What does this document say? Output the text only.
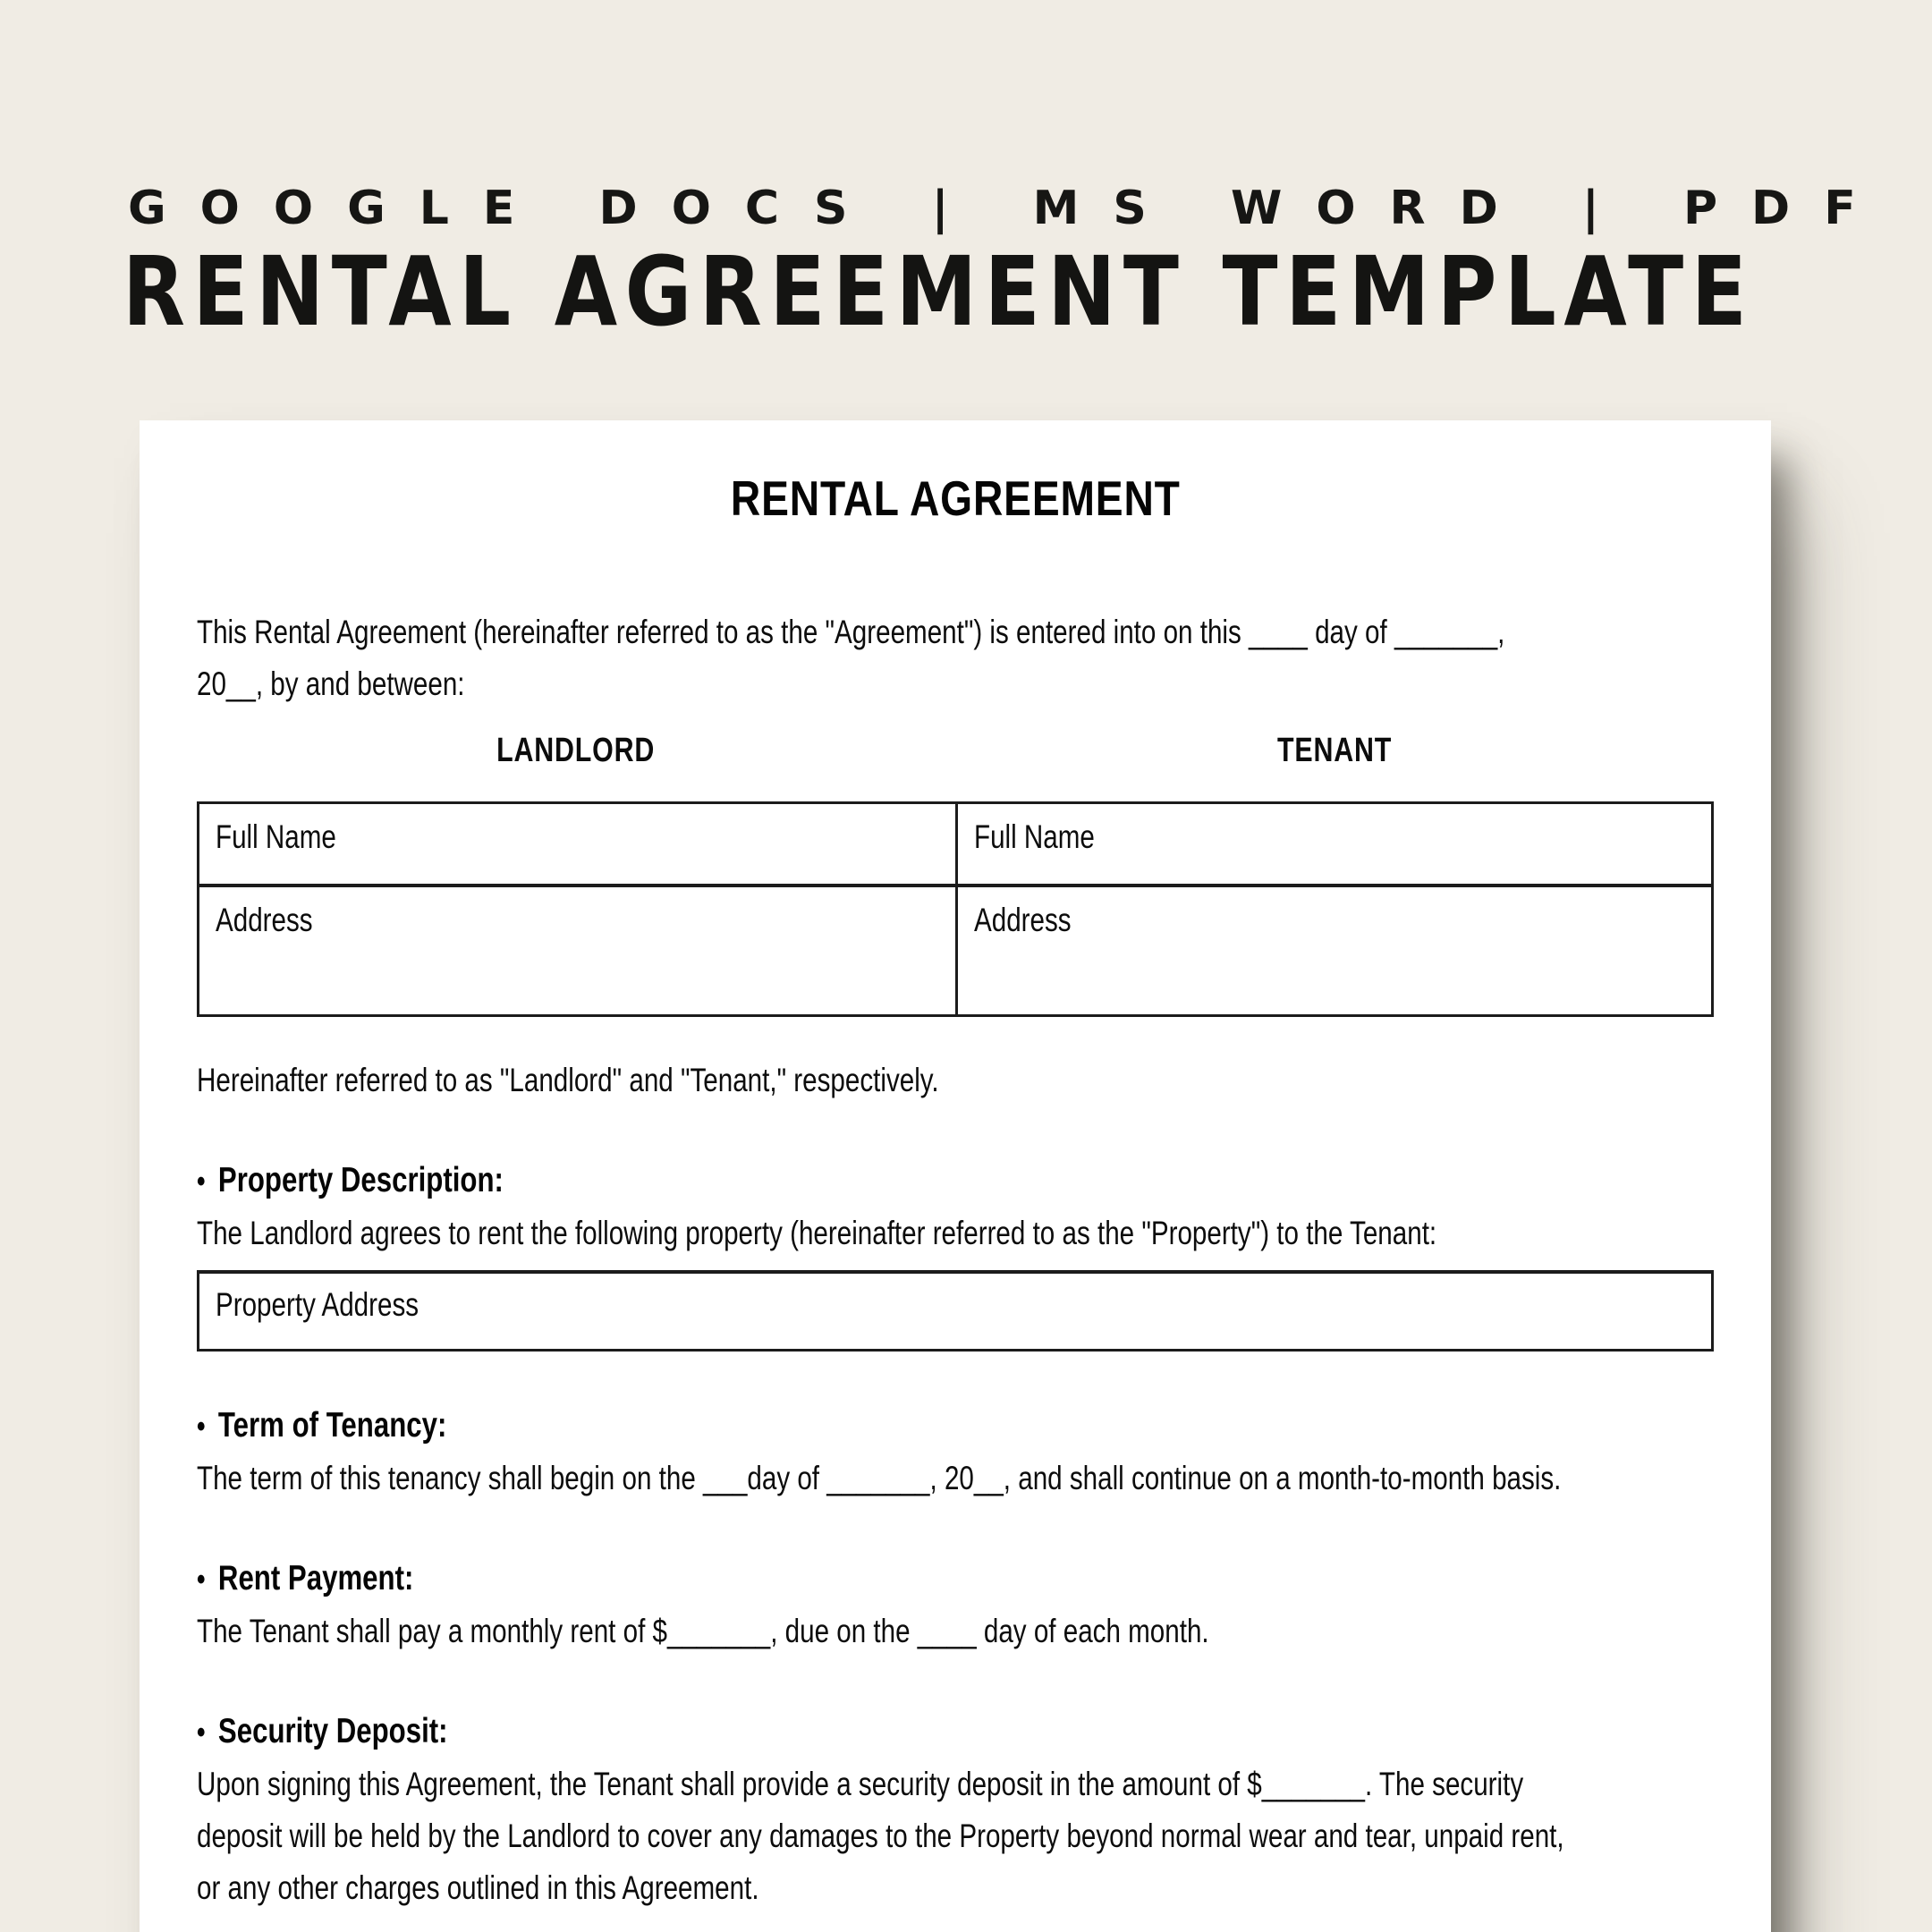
GOOGLE DOCS | MS WORD | PDF
RENTAL AGREEMENT TEMPLATE
RENTAL AGREEMENT
This Rental Agreement (hereinafter referred to as the "Agreement") is entered into on this ____ day of _______,
20__, by and between:
LANDLORD	TENANT
Full Name	Full Name
Address	Address
Hereinafter referred to as "Landlord" and "Tenant," respectively.
• Property Description:
The Landlord agrees to rent the following property (hereinafter referred to as the "Property") to the Tenant:
Property Address
• Term of Tenancy:
The term of this tenancy shall begin on the ___day of _______, 20__, and shall continue on a month-to-month basis.
• Rent Payment:
The Tenant shall pay a monthly rent of $_______, due on the ____ day of each month.
• Security Deposit:
Upon signing this Agreement, the Tenant shall provide a security deposit in the amount of $_______. The security
deposit will be held by the Landlord to cover any damages to the Property beyond normal wear and tear, unpaid rent,
or any other charges outlined in this Agreement.
